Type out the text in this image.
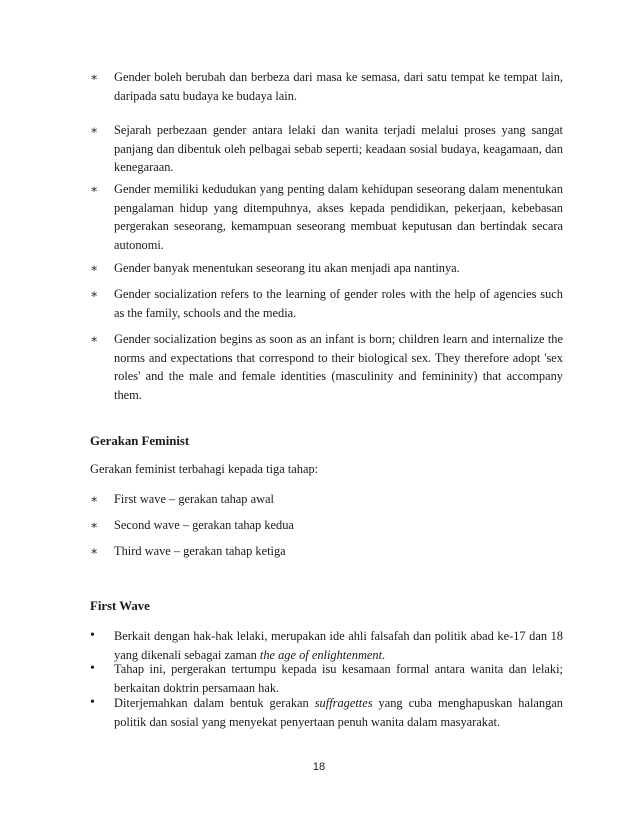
∗	Gender boleh berubah dan berbeza dari masa ke semasa, dari satu tempat ke tempat lain, daripada satu budaya ke budaya lain.
∗	Sejarah perbezaan gender antara lelaki dan wanita terjadi melalui proses yang sangat panjang dan dibentuk oleh pelbagai sebab seperti; keadaan sosial budaya, keagamaan, dan kenegaraan.
∗	Gender memiliki kedudukan yang penting dalam kehidupan seseorang dalam menentukan pengalaman hidup yang ditempuhnya, akses kepada pendidikan, pekerjaan, kebebasan pergerakan seseorang, kemampuan seseorang membuat keputusan dan bertindak secara autonomi.
∗	Gender banyak menentukan seseorang itu akan menjadi apa nantinya.
∗	Gender socialization refers to the learning of gender roles with the help of agencies such as the family, schools and the media.
∗	Gender socialization begins as soon as an infant is born; children learn and internalize the norms and expectations that correspond to their biological sex. They therefore adopt 'sex roles' and the male and female identities (masculinity and femininity) that accompany them.
Gerakan Feminist
Gerakan feminist terbahagi kepada tiga tahap:
∗	First wave – gerakan tahap awal
∗	Second wave – gerakan tahap kedua
∗	Third wave – gerakan tahap ketiga
First Wave
•	Berkait dengan hak-hak lelaki, merupakan ide ahli falsafah dan politik abad ke-17 dan 18 yang dikenali sebagai zaman the age of enlightenment.
•	Tahap ini, pergerakan tertumpu kepada isu kesamaan formal antara wanita dan lelaki; berkaitan doktrin persamaan hak.
•	Diterjemahkan dalam bentuk gerakan suffragettes yang cuba menghapuskan halangan politik dan sosial yang menyekat penyertaan penuh wanita dalam masyarakat.
18
